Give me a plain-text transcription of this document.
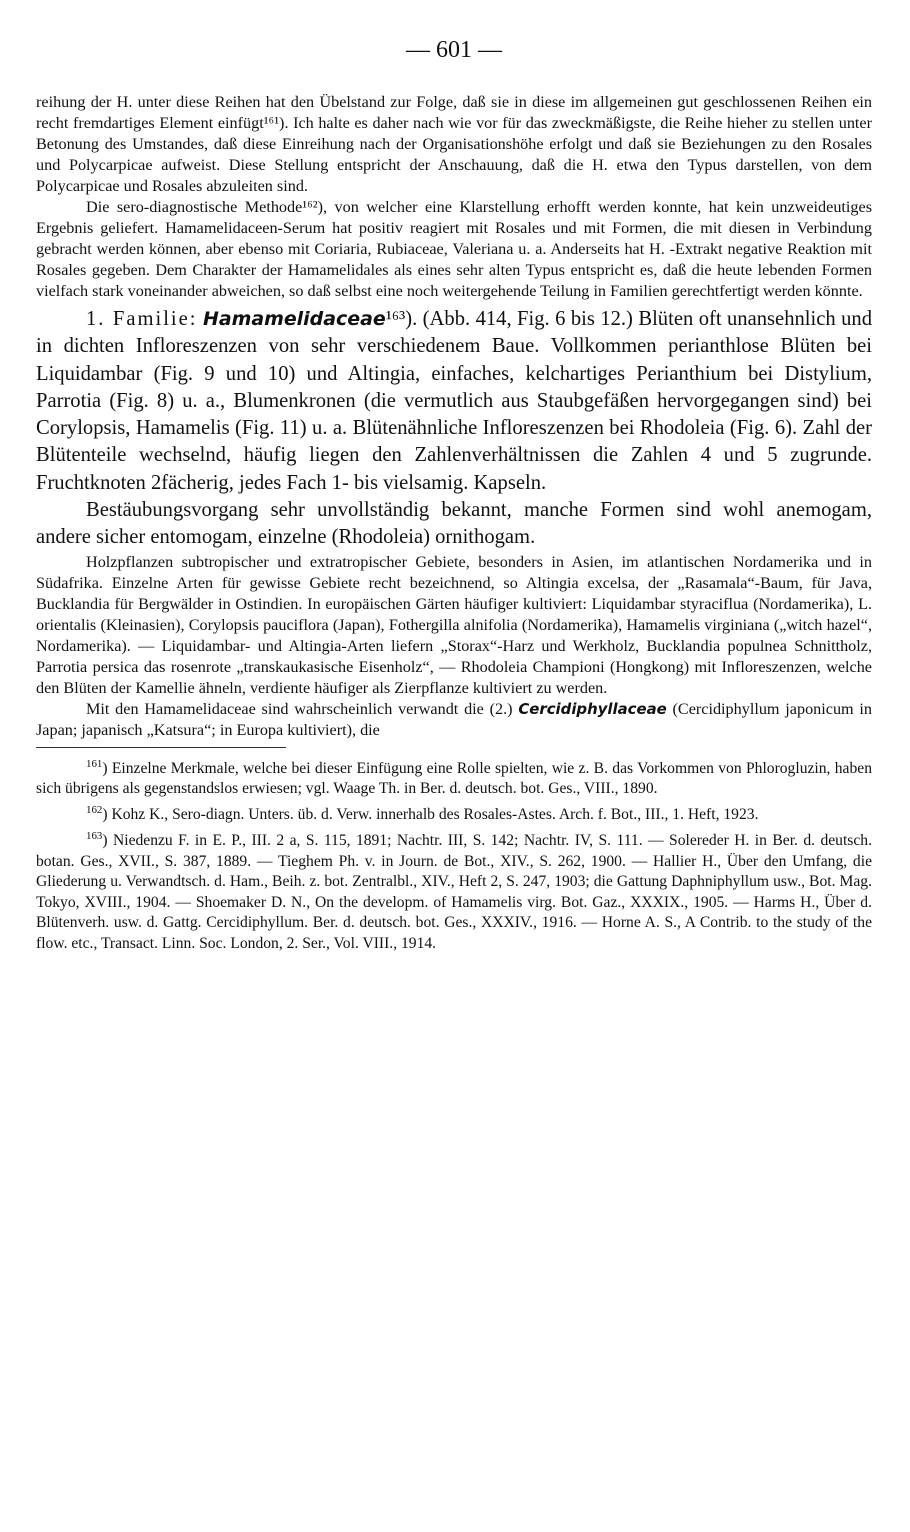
— 601 —

reihung der H. unter diese Reihen hat den Übelstand zur Folge, daß sie in diese im allgemeinen gut geschlossenen Reihen ein recht fremdartiges Element einfügt¹⁶¹). Ich halte es daher nach wie vor für das zweckmäßigste, die Reihe hieher zu stellen unter Betonung des Umstandes, daß diese Einreihung nach der Organisationshöhe erfolgt und daß sie Beziehungen zu den Rosales und Polycarpicae aufweist. Diese Stellung entspricht der Anschauung, daß die H. etwa den Typus darstellen, von dem Polycarpicae und Rosales abzuleiten sind.

Die sero-diagnostische Methode¹⁶²), von welcher eine Klarstellung erhofft werden konnte, hat kein unzweideutiges Ergebnis geliefert. Hamamelidaceen-Serum hat positiv reagiert mit Rosales und mit Formen, die mit diesen in Verbindung gebracht werden können, aber ebenso mit Coriaria, Rubiaceae, Valeriana u. a. Anderseits hat H. -Extrakt negative Reaktion mit Rosales gegeben. Dem Charakter der Hamamelidales als eines sehr alten Typus entspricht es, daß die heute lebenden Formen vielfach stark voneinander abweichen, so daß selbst eine noch weitergehende Teilung in Familien gerechtfertigt werden könnte.

1. Familie: Hamamelidaceae¹⁶³). (Abb. 414, Fig. 6 bis 12.) Blüten oft unansehnlich und in dichten Infloreszenzen von sehr verschiedenem Baue. Vollkommen perianthlose Blüten bei Liquidambar (Fig. 9 und 10) und Altingia, einfaches, kelchartiges Perianthium bei Distylium, Parrotia (Fig. 8) u. a., Blumenkronen (die vermutlich aus Staubgefäßen hervorgegangen sind) bei Corylopsis, Hamamelis (Fig. 11) u. a. Blütenähnliche Infloreszenzen bei Rhodoleia (Fig. 6). Zahl der Blütenteile wechselnd, häufig liegen den Zahlenverhältnissen die Zahlen 4 und 5 zugrunde. Fruchtknoten 2fächerig, jedes Fach 1- bis vielsamig. Kapseln.

Bestäubungsvorgang sehr unvollständig bekannt, manche Formen sind wohl anemogam, andere sicher entomogam, einzelne (Rhodoleia) ornithogam.

Holzpflanzen subtropischer und extratropischer Gebiete, besonders in Asien, im atlantischen Nordamerika und in Südafrika. Einzelne Arten für gewisse Gebiete recht bezeichnend, so Altingia excelsa, der „Rasamala“-Baum, für Java, Bucklandia für Bergwälder in Ostindien. In europäischen Gärten häufiger kultiviert: Liquidambar styraciflua (Nordamerika), L. orientalis (Kleinasien), Corylopsis pauciflora (Japan), Fothergilla alnifolia (Nordamerika), Hamamelis virginiana („witch hazel“, Nordamerika). — Liquidambar- und Altingia-Arten liefern „Storax“-Harz und Werkholz, Bucklandia populnea Schnittholz, Parrotia persica das rosenrote „transkaukasische Eisenholz“, — Rhodoleia Championi (Hongkong) mit Infloreszenzen, welche den Blüten der Kamellie ähneln, verdiente häufiger als Zierpflanze kultiviert zu werden.

Mit den Hamamelidaceae sind wahrscheinlich verwandt die (2.) Cercidiphyllaceae (Cercidiphyllum japonicum in Japan; japanisch „Katsura“; in Europa kultiviert), die

$^{161}$) Einzelne Merkmale, welche bei dieser Einfügung eine Rolle spielten, wie z. B. das Vorkommen von Phlorogluzin, haben sich übrigens als gegenstandslos erwiesen; vgl. Waage Th. in Ber. d. deutsch. bot. Ges., VIII., 1890.

$^{162}$) Kohz K., Sero-diagn. Unters. üb. d. Verw. innerhalb des Rosales-Astes. Arch. f. Bot., III., 1. Heft, 1923.

$^{163}$) Niedenzu F. in E. P., III. 2 a, S. 115, 1891; Nachtr. III, S. 142; Nachtr. IV, S. 111. — Solereder H. in Ber. d. deutsch. botan. Ges., XVII., S. 387, 1889. — Tieghem Ph. v. in Journ. de Bot., XIV., S. 262, 1900. — Hallier H., Über den Umfang, die Gliederung u. Verwandtsch. d. Ham., Beih. z. bot. Zentralbl., XIV., Heft 2, S. 247, 1903; die Gattung Daphniphyllum usw., Bot. Mag. Tokyo, XVIII., 1904. — Shoemaker D. N., On the developm. of Hamamelis virg. Bot. Gaz., XXXIX., 1905. — Harms H., Über d. Blütenverh. usw. d. Gattg. Cercidiphyllum. Ber. d. deutsch. bot. Ges., XXXIV., 1916. — Horne A. S., A Contrib. to the study of the flow. etc., Transact. Linn. Soc. London, 2. Ser., Vol. VIII., 1914.
